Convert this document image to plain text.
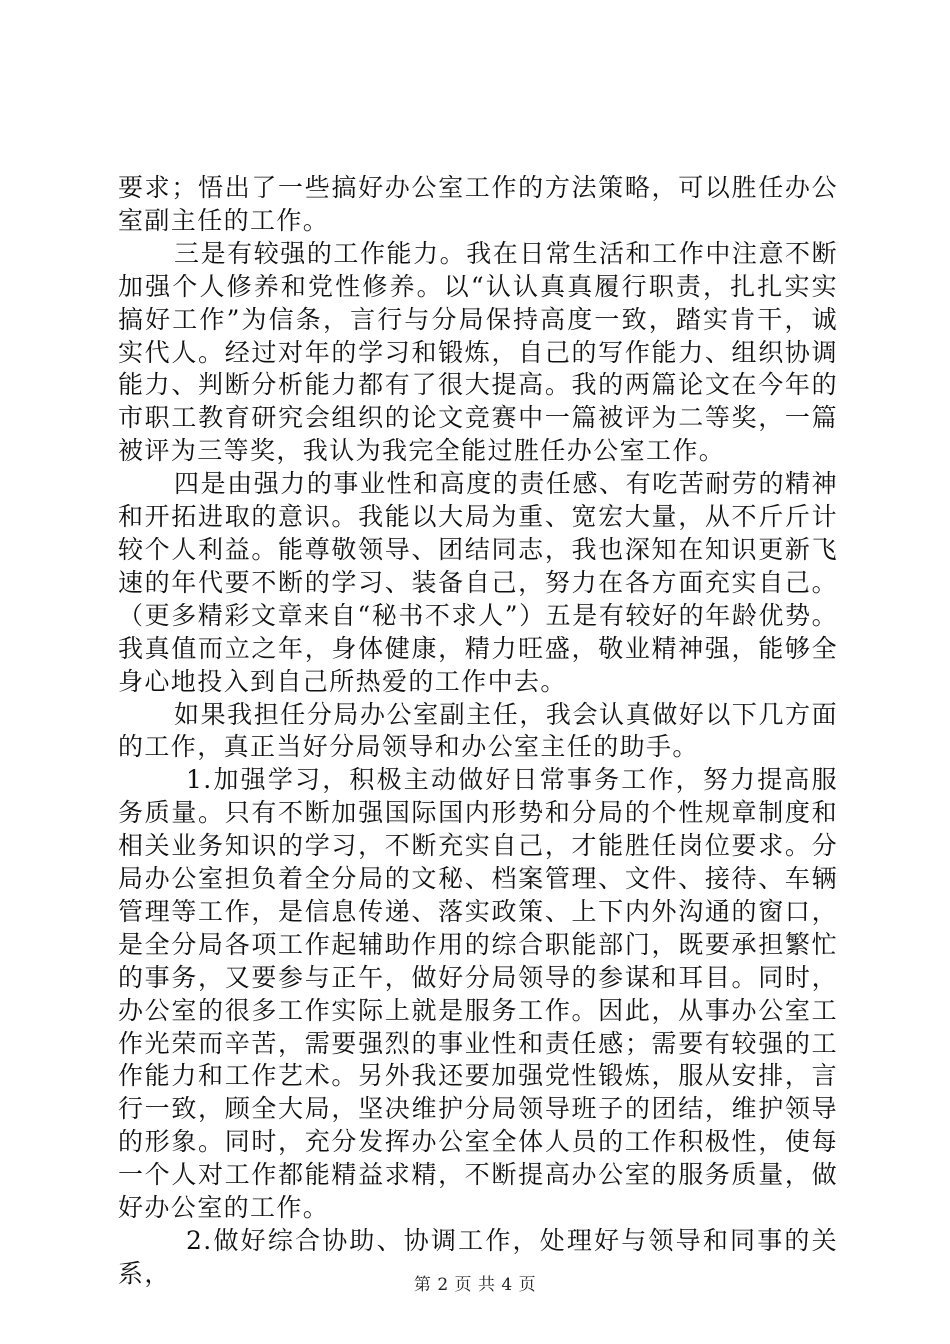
要求；悟出了一些搞好办公室工作的方法策略，可以胜任办公室副主任的工作。

三是有较强的工作能力。我在日常生活和工作中注意不断加强个人修养和党性修养。以“认认真真履行职责，扎扎实实搞好工作”为信条，言行与分局保持高度一致，踏实肯干，诚实代人。经过对年的学习和锻炼，自己的写作能力、组织协调能力、判断分析能力都有了很大提高。我的两篇论文在今年的市职工教育研究会组织的论文竞赛中一篇被评为二等奖，一篇被评为三等奖，我认为我完全能过胜任办公室工作。

四是由强力的事业性和高度的责任感、有吃苦耐劳的精神和开拓进取的意识。我能以大局为重、宽宏大量，从不斤斤计较个人利益。能尊敬领导、团结同志，我也深知在知识更新飞速的年代要不断的学习、装备自己，努力在各方面充实自己。（更多精彩文章来自“秘书不求人”）五是有较好的年龄优势。我真值而立之年，身体健康，精力旺盛，敬业精神强，能够全身心地投入到自己所热爱的工作中去。

如果我担任分局办公室副主任，我会认真做好以下几方面的工作，真正当好分局领导和办公室主任的助手。

1.加强学习，积极主动做好日常事务工作，努力提高服务质量。只有不断加强国际国内形势和分局的个性规章制度和相关业务知识的学习，不断充实自己，才能胜任岗位要求。分局办公室担负着全分局的文秘、档案管理、文件、接待、车辆管理等工作，是信息传递、落实政策、上下内外沟通的窗口，是全分局各项工作起辅助作用的综合职能部门，既要承担繁忙的事务，又要参与正午，做好分局领导的参谋和耳目。同时，办公室的很多工作实际上就是服务工作。因此，从事办公室工作光荣而辛苦，需要强烈的事业性和责任感；需要有较强的工作能力和工作艺术。另外我还要加强党性锻炼，服从安排，言行一致，顾全大局，坚决维护分局领导班子的团结，维护领导的形象。同时，充分发挥办公室全体人员的工作积极性，使每一个人对工作都能精益求精，不断提高办公室的服务质量，做好办公室的工作。

2.做好综合协助、协调工作，处理好与领导和同事的关系，	第 2 页 共 4 页
